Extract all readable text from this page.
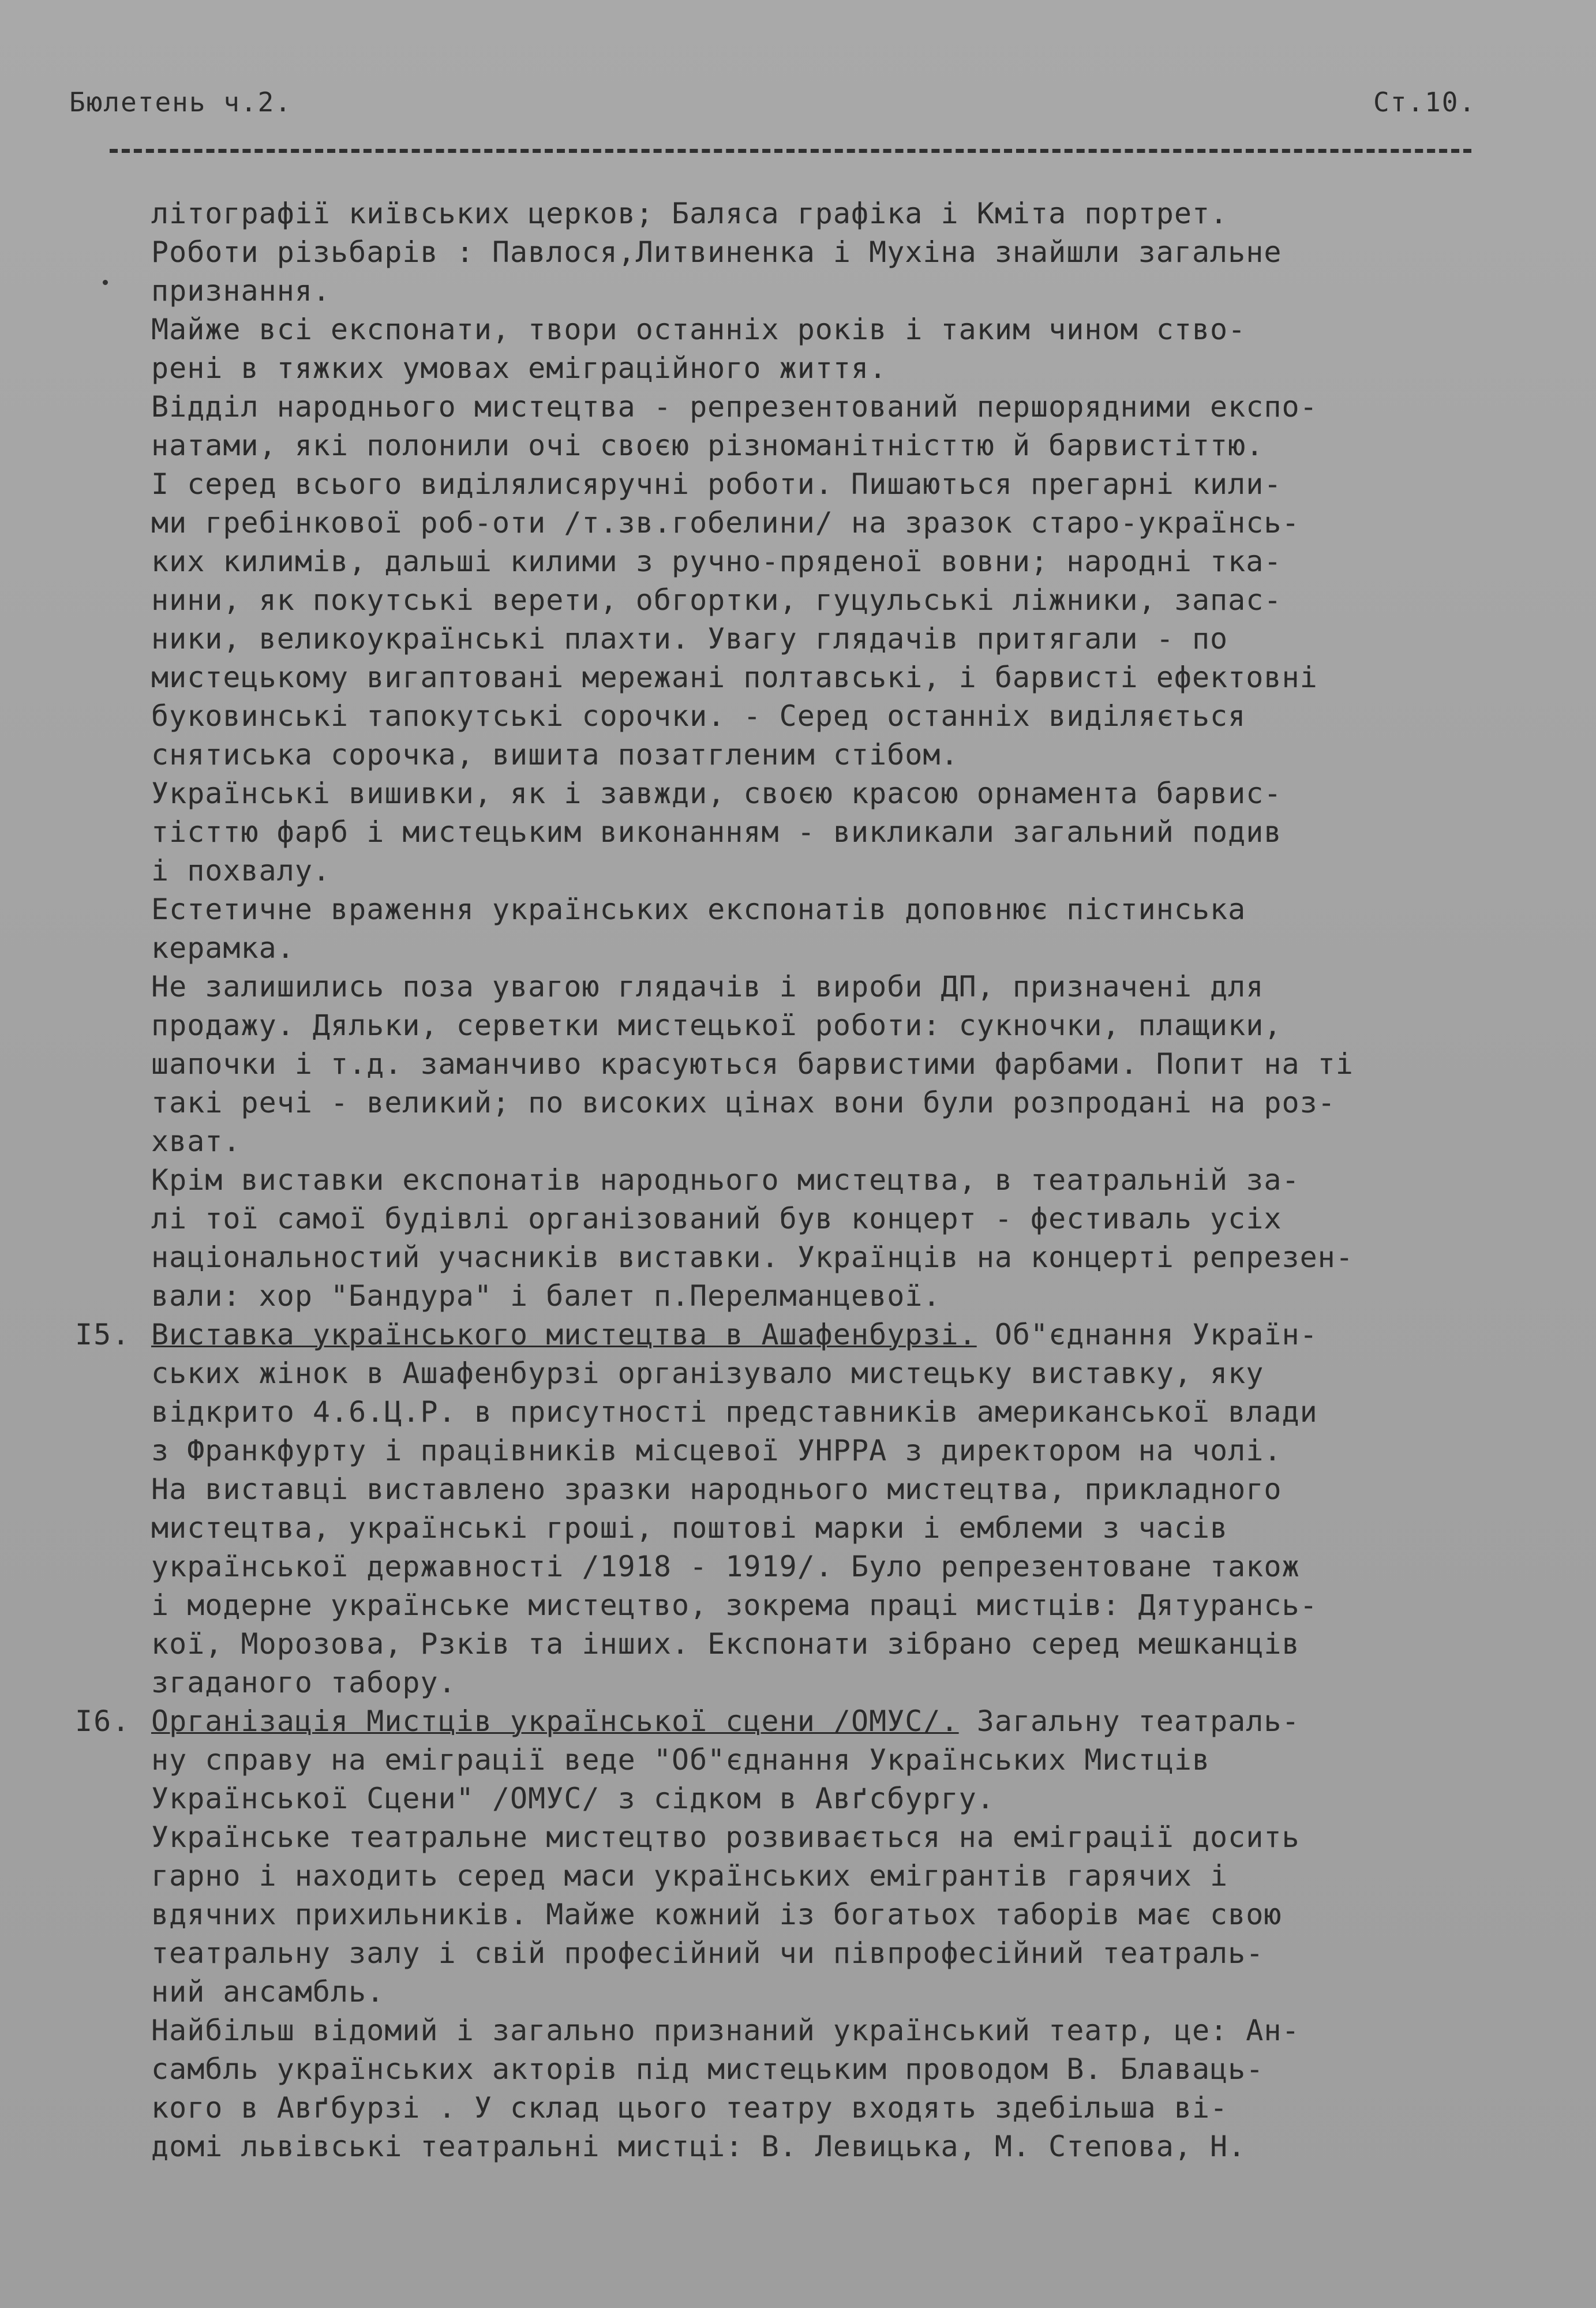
Бюлетень ч.2.	Ст.10.
літографії київських церков; Баляса графіка і Кміта портрет.
Роботи різьбарів : Павлося,Литвиненка і Мухіна знайшли загальне
признання.
Майже всі експонати, твори останніх років і таким чином ство-
рені в тяжких умовах еміграційного життя.
Відділ народнього мистецтва - репрезентований першорядними експо-
натами, які полонили очі своєю різноманітністтю й барвистіттю.
І серед всього виділялисяручні роботи. Пишаються прегарні кили-
ми гребінкової роб-оти /т.зв.гобелини/ на зразок старо-українсь-
ких килимів, дальші килими з ручно-пряденої вовни; народні тка-
нини, як покутські верети, обгортки, гуцульські ліжники, запас-
ники, великоукраїнські плахти. Увагу глядачів притягали - по
мистецькому вигаптовані мережані полтавські, і барвисті ефектовні
буковинські тапокутські сорочки. - Серед останніх виділяється
снятиська сорочка, вишита позатгленим стібом.
Українські вишивки, як і завжди, своєю красою орнамента барвис-
тісттю фарб і мистецьким виконанням - викликали загальний подив
і похвалу.
Естетичне враження українських експонатів доповнює пістинська
керамка.
Не залишились поза увагою глядачів і вироби ДП, призначені для
продажу. Дяльки, серветки мистецької роботи: сукночки, плащики,
шапочки і т.д. заманчиво красуються барвистими фарбами. Попит на ті
такі речі - великий; по високих цінах вони були розпродані на роз-
хват.
Крім виставки експонатів народнього мистецтва, в театральній за-
лі тої самої будівлі організований був концерт - фестиваль усіх
національностий учасників виставки. Українців на концерті репрезен-
вали: хор "Бандура" і балет п.Перелманцевої.
І5. Виставка українського мистецтва в Ашафенбурзі. Об"єднання Україн-
ських жінок в Ашафенбурзі організувало мистецьку виставку, яку
відкрито 4.6.Ц.Р. в присутності представників американської влади
з Франкфурту і працівників місцевої УНРРА з директором на чолі.
На виставці виставлено зразки народнього мистецтва, прикладного
мистецтва, українські гроші, поштові марки і емблеми з часів
української державності /1918 - 1919/. Було репрезентоване також
і модерне українське мистецтво, зокрема праці мистців: Дятурансь-
кої, Морозова, Рзків та інших. Експонати зібрано серед мешканців
згаданого табору.
І6. Організація Мистців української сцени /ОМУС/. Загальну театраль-
ну справу на еміграції веде "Об"єднання Українських Мистців
Української Сцени" /ОМУС/ з сідком в Авґсбургу.
Українське театральне мистецтво розвивається на еміграції досить
гарно і находить серед маси українських емігрантів гарячих і
вдячних прихильників. Майже кожний із богатьох таборів має свою
театральну залу і свій професійний чи півпрофесійний театраль-
ний ансамбль.
Найбільш відомий і загально признаний український театр, це: Ан-
самбль українських акторів під мистецьким проводом В. Блаваць-
кого в Авґбурзі . У склад цього театру входять здебільша ві-
домі львівські театральні мистці: В. Левицька, М. Степова, Н.
